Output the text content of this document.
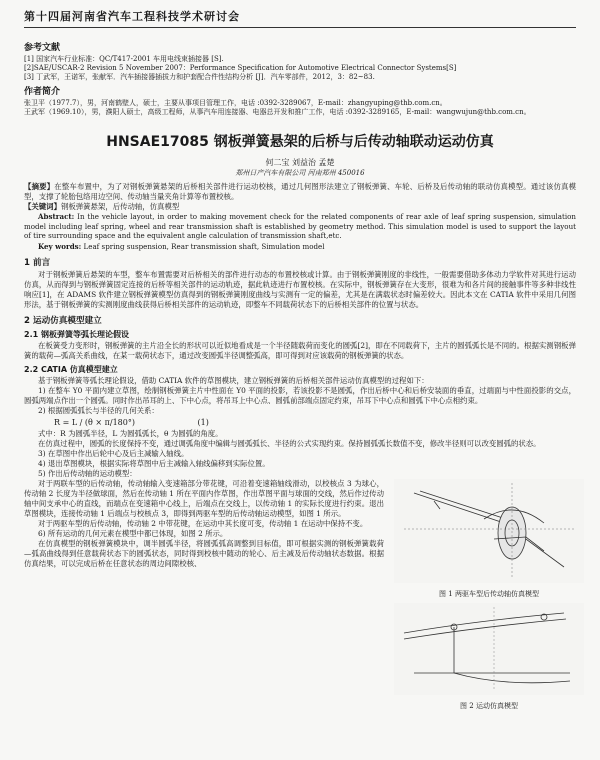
第十四届河南省汽车工程科技学术研讨会
参考文献
[1] 国家汽车行业标准：QC/T417-2001 车用电线束插接器 [S].
[2]SAE/USCAR-2 Revision 5 November 2007：Performance Specification for Automotive Electrical Connector Systems[S]
[3] 丁武军，王诺军，张献军．汽车插接器插拔力和护套配合件性结构分析 [J]．汽车零部件，2012，3：82~83.
作者简介
张卫平（1977.7），男，河南鹤壁人，硕士，主要从事项目管理工作，电话 :0392-3289067，E-mail：zhangyuping@thb.com.cn。
王武军（1969.10），男，濮阳人硕士，高级工程师，从事汽车用连接器、电器总开发和推广工作，电话 :0392-3289165，E-mail：wangwujun@thb.com.cn。
HNSAE17085 钢板弹簧悬架的后桥与后传动轴联动运动仿真
何二宝 刘益治 孟楚
郑州日产汽车有限公司 河南郑州 450016

【摘要】在整车布置中，为了对钢板弹簧悬架的后桥相关部件进行运动校核，通过几何图形法建立了钢板弹簧、车轮、后桥及后传动轴的联动仿真模型。通过该仿真模型，支撑了轮胎包络用边空间、传动轴当量夹角计算等布置校核。

【关键词】钢板弹簧悬架，后传动轴，仿真模型

Abstract: In the vehicle layout, in order to making movement check for the related components of rear axle of leaf spring suspension, simulation model including leaf spring, wheel and rear transmission shaft is established by geometry method. This simulation model is used to support the layout of tire surrounding space and the equivalent angle calculation of transmission shaft,etc.

Key words: Leaf spring suspension, Rear transmission shaft, Simulation model

1 前言

对于钢板弹簧后悬架的车型，整车布置需要对后桥相关的部件进行动态的布置校核或计算。由于钢板弹簧刚度的非线性，一般需要借助多体动力学软件对其进行运动仿真，从而得到与钢板弹簧固定连接的后桥等相关部件的运动轨迹，据此轨迹进行布置校核。在实际中，钢板弹簧存在大变形，很难为和各片间的接触事件等多种非线性响应[1]，在 ADAMS 软件建立钢板弹簧模型仿真得到的钢板弹簧刚度曲线与实测有一定的偏差，尤其是在满载状态时偏差较大。因此本文在 CATIA 软件中采用几何图形法，基于钢板弹簧的实测刚度曲线获得后桥相关部件的运动轨迹，即整车不同载荷状态下的后桥相关部件的位置与状态。

2 运动仿真模型建立
2.1 钢板弹簧等弧长理论假设

在板簧受力变形时，钢板弹簧的主片沿全长的形状可以近似地看成是一个半径随载荷而变化的圆弧[2]，即在不同载荷下，主片的圆弧弧长是不同的。根据实测钢板弹簧的载荷—弧高关系曲线，在某一载荷状态下，通过改变圆弧半径调整弧高，即可得到对应该载荷的钢板弹簧的状态。

2.2 CATIA 仿真模型建立

基于钢板弹簧等弧长理论假设，借助 CATIA 软件的草图模块，建立钢板弹簧的后桥相关部件运动仿真模型的过程如下：

1) 在整车 Y0 平面内建立草图，绘制钢板弹簧主片中性面在 Y0 平面的投影，若该投影不是圆弧，作出后桥中心和后桥安装面的垂直，过端面与中性面投影的交点，圆弧两端点作出一个圆弧。同时作出吊耳的上、下中心点，将吊耳上中心点、圆弧前部端点固定约束，吊耳下中心点和圆弧下中心点相约束。

2) 根据圆弧弧长与半径的几何关系：

R = L / (θ × π/180°)	(1)

式中：R 为圆弧半径，L 为圆弧弧长，θ 为圆弧的角度。

在仿真过程中，圆弧的长度保持不变，通过调弧角度中编辑与圆弧弧长、半径的公式实现约束。保持圆弧弧长数值不变，修改半径则可以改变圆弧的状态。

3) 在草图中作出后轮中心及后主减输入轴线。

4) 退出草图模块，根据实际将草图中后主减输入轴线偏移到实际位置。

5) 作出后传动轴的运动模型：

对于两联车型的后传动轴，传动轴输入变速箱部分带花键，可沿着变速箱轴线滑动，以校核点 3 为球心，传动轴 2 长度为半径做球面，然后在传动轴 1 所在平面内作草图，作出草图平面与球面的交线，然后作过传动轴中间支承中心的直线，而端点在变速箱中心线上，后端点在交线上，以传动轴 1 的实际长度进行约束。退出草图模块，连接传动轴 1 后端点与校核点 3，即得到两驱车型的后传动轴运动模型，如图 1 所示。

对于两驱车型的后传动轴，传动轴 2 中带花键，在运动中其长度可变，传动轴 1 在运动中保持不变。

6) 所有运动的几何元素在模型中都已体现，如图 2 所示。

在仿真模型的钢板弹簧模块中，调半圆弧半径，将圆弧弧高调整到目标值，即可根据实测的钢板弹簧载荷—弧高曲线得到任意载荷状态下的圆弧状态，同时得到校核中随动的轮心、后主减及后传动轴状态数据。根据仿真结果，可以完成后桥在任意状态的周边间隙校核、

图 1 两驱车型后传动轴仿真模型
图 2 运动仿真模型
